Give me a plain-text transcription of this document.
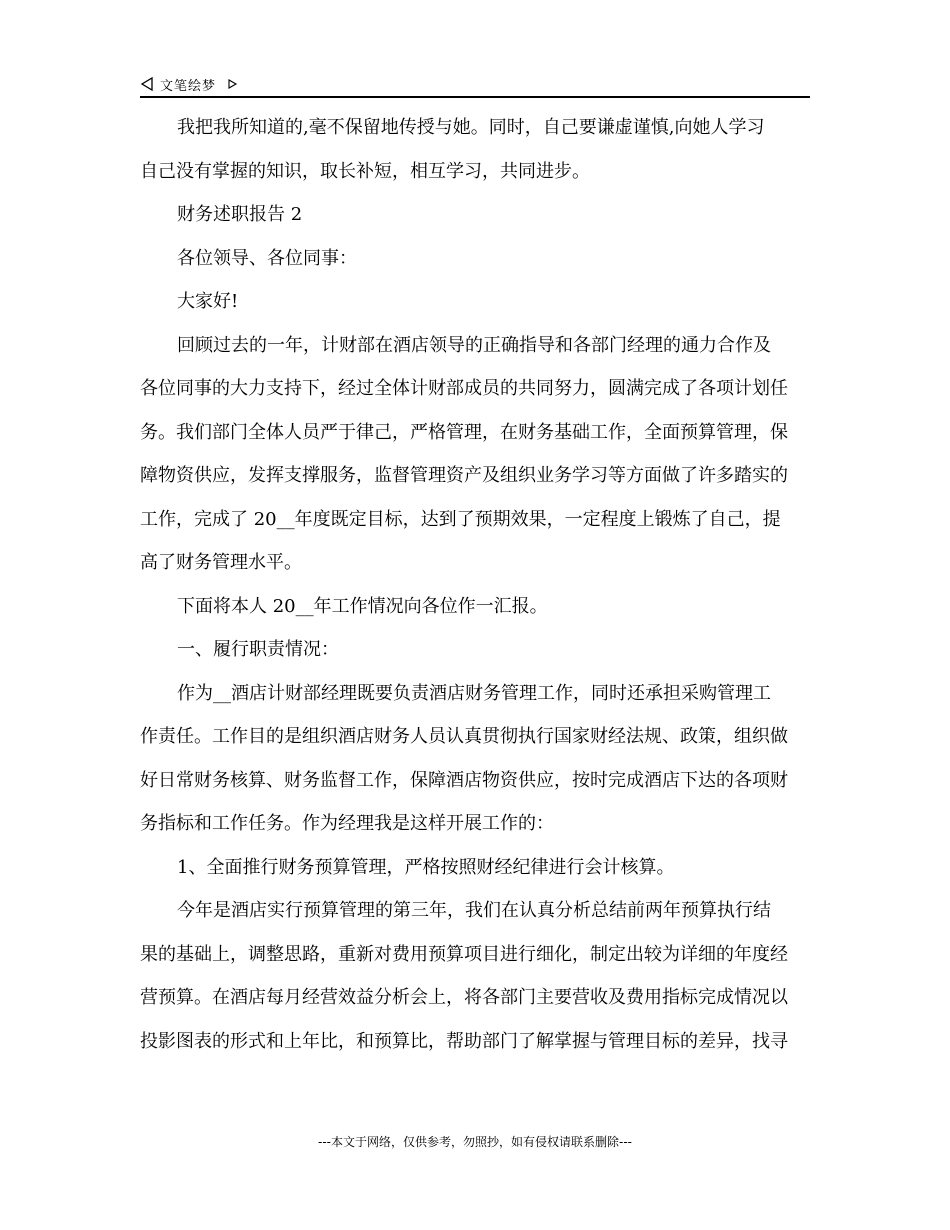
文笔绘梦
我把我所知道的,毫不保留地传授与她。同时，自己要谦虚谨慎,向她人学习
自己没有掌握的知识，取长补短，相互学习，共同进步。
财务述职报告 2
各位领导、各位同事：
大家好!
回顾过去的一年，计财部在酒店领导的正确指导和各部门经理的通力合作及
各位同事的大力支持下，经过全体计财部成员的共同努力，圆满完成了各项计划任
务。我们部门全体人员严于律己，严格管理，在财务基础工作，全面预算管理，保
障物资供应，发挥支撑服务，监督管理资产及组织业务学习等方面做了许多踏实的
工作，完成了 20__年度既定目标，达到了预期效果，一定程度上锻炼了自己，提
高了财务管理水平。
下面将本人 20__年工作情况向各位作一汇报。
一、履行职责情况：
作为__酒店计财部经理既要负责酒店财务管理工作，同时还承担采购管理工
作责任。工作目的是组织酒店财务人员认真贯彻执行国家财经法规、政策，组织做
好日常财务核算、财务监督工作，保障酒店物资供应，按时完成酒店下达的各项财
务指标和工作任务。作为经理我是这样开展工作的：
1、全面推行财务预算管理，严格按照财经纪律进行会计核算。
今年是酒店实行预算管理的第三年，我们在认真分析总结前两年预算执行结
果的基础上，调整思路，重新对费用预算项目进行细化，制定出较为详细的年度经
营预算。在酒店每月经营效益分析会上，将各部门主要营收及费用指标完成情况以
投影图表的形式和上年比，和预算比，帮助部门了解掌握与管理目标的差异，找寻
---本文于网络，仅供参考，勿照抄，如有侵权请联系删除---
